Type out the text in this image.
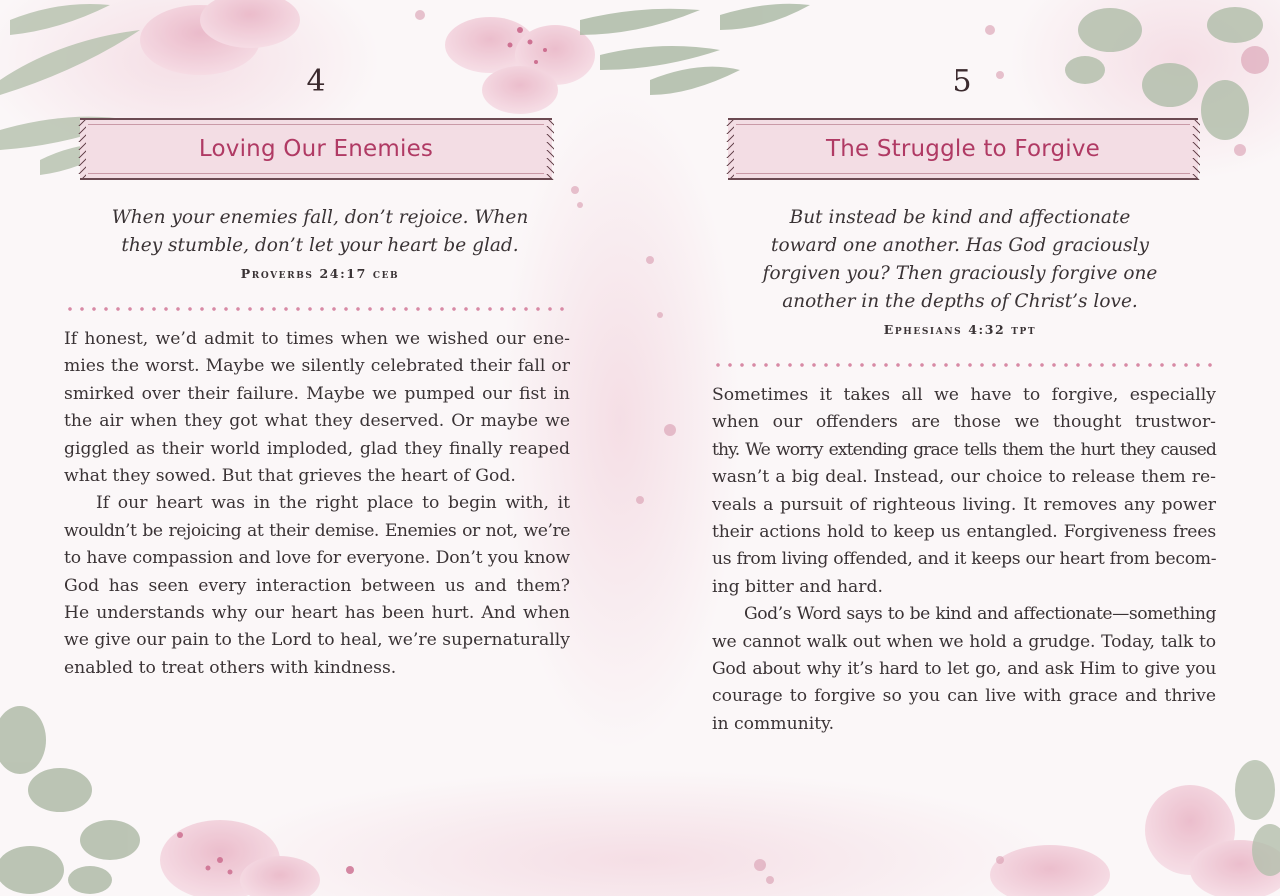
4
Loving Our Enemies
When your enemies fall, don’t rejoice. When
they stumble, don’t let your heart be glad.
Proverbs 24:17 ceb
If honest, we’d admit to times when we wished our ene-
mies the worst. Maybe we silently celebrated their fall or
smirked over their failure. Maybe we pumped our fist in
the air when they got what they deserved. Or maybe we
giggled as their world imploded, glad they finally reaped
what they sowed. But that grieves the heart of God.
If our heart was in the right place to begin with, it
wouldn’t be rejoicing at their demise. Enemies or not, we’re
to have compassion and love for everyone. Don’t you know
God has seen every interaction between us and them?
He understands why our heart has been hurt. And when
we give our pain to the Lord to heal, we’re supernaturally
enabled to treat others with kindness.
5
The Struggle to Forgive
But instead be kind and affectionate
toward one another. Has God graciously
forgiven you? Then graciously forgive one
another in the depths of Christ’s love.
Ephesians 4:32 tpt
Sometimes it takes all we have to forgive, especially
when our offenders are those we thought trustwor-
thy. We worry extending grace tells them the hurt they caused
wasn’t a big deal. Instead, our choice to release them re-
veals a pursuit of righteous living. It removes any power
their actions hold to keep us entangled. Forgiveness frees
us from living offended, and it keeps our heart from becom-
ing bitter and hard.
God’s Word says to be kind and affectionate—something
we cannot walk out when we hold a grudge. Today, talk to
God about why it’s hard to let go, and ask Him to give you
courage to forgive so you can live with grace and thrive
in community.
